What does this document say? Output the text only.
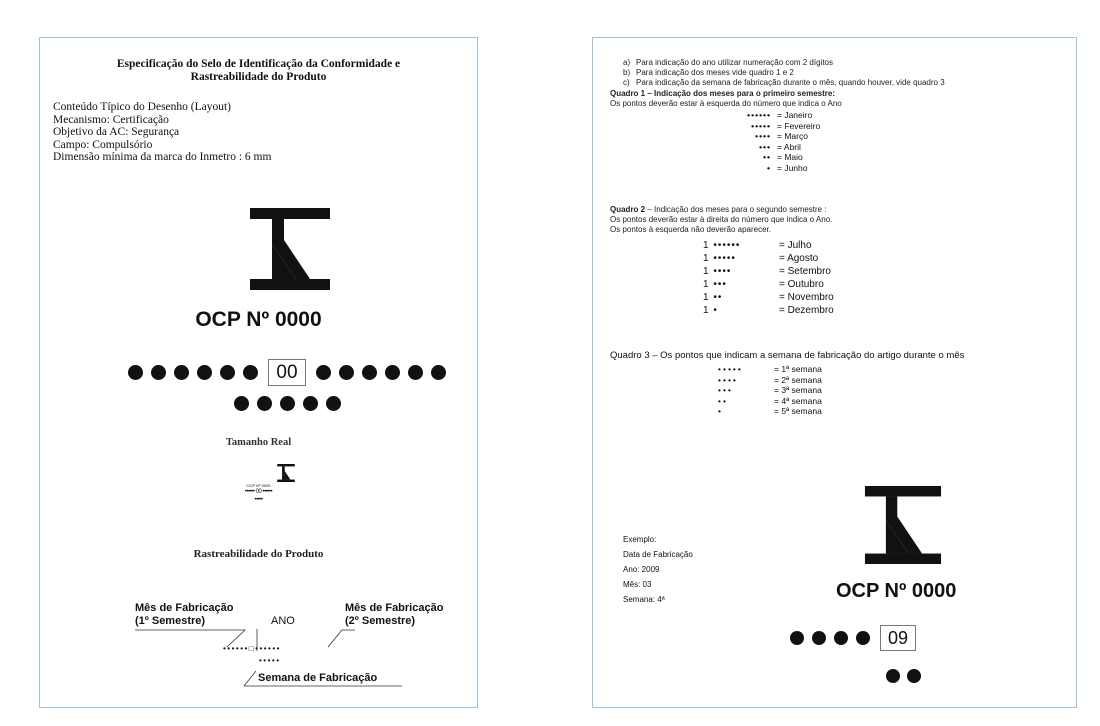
Especificação do Selo de Identificação da Conformidade e
Rastreabilidade do Produto
Conteúdo Típico do Desenho (Layout)
Mecanismo: Certificação
Objetivo da AC: Segurança
Campo: Compulsório
Dimensão mínima da marca do Inmetro : 6 mm
OCP Nº 0000
00
Tamanho Real
OCP Nº 0000
•••••• 00 ••••••
•••••
Rastreabilidade do Produto
Mês de Fabricação
(1º Semestre)	ANO
Mês de Fabricação
(2º Semestre)
••••••□••••••
•••••
Semana de Fabricação
a) Para indicação do ano utilizar numeração com 2 dígitos
b) Para indicação dos meses vide quadro 1 e 2
c) Para indicação da semana de fabricação durante o mês, quando houver, vide quadro 3
Quadro 1 – Indicação dos meses para o primeiro semestre:
Os pontos deverão estar à esquerda do número que indica o Ano
•••••• = Janeiro
••••• = Fevereiro
•••• = Março
••• = Abril
•• = Maio
• = Junho
Quadro 2 – Indicação dos meses para o segundo semestre :
Os pontos deverão estar à direita do número que indica o Ano.
Os pontos à esquerda não deverão aparecer.
1 ••••••	= Julho
1 •••••	= Agosto
1 ••••	= Setembro
1 •••	= Outubro
1 ••	= Novembro
1 •	= Dezembro
Quadro 3 – Os pontos que indicam a semana de fabricação do artigo durante o mês
•••••	= 1ª semana
••••	= 2ª semana
•••	= 3ª semana
••	= 4ª semana
•	= 5ª semana
Exemplo:
Data de Fabricação
Ano: 2009
Mês: 03
Semana: 4ª	OCP Nº 0000
09
